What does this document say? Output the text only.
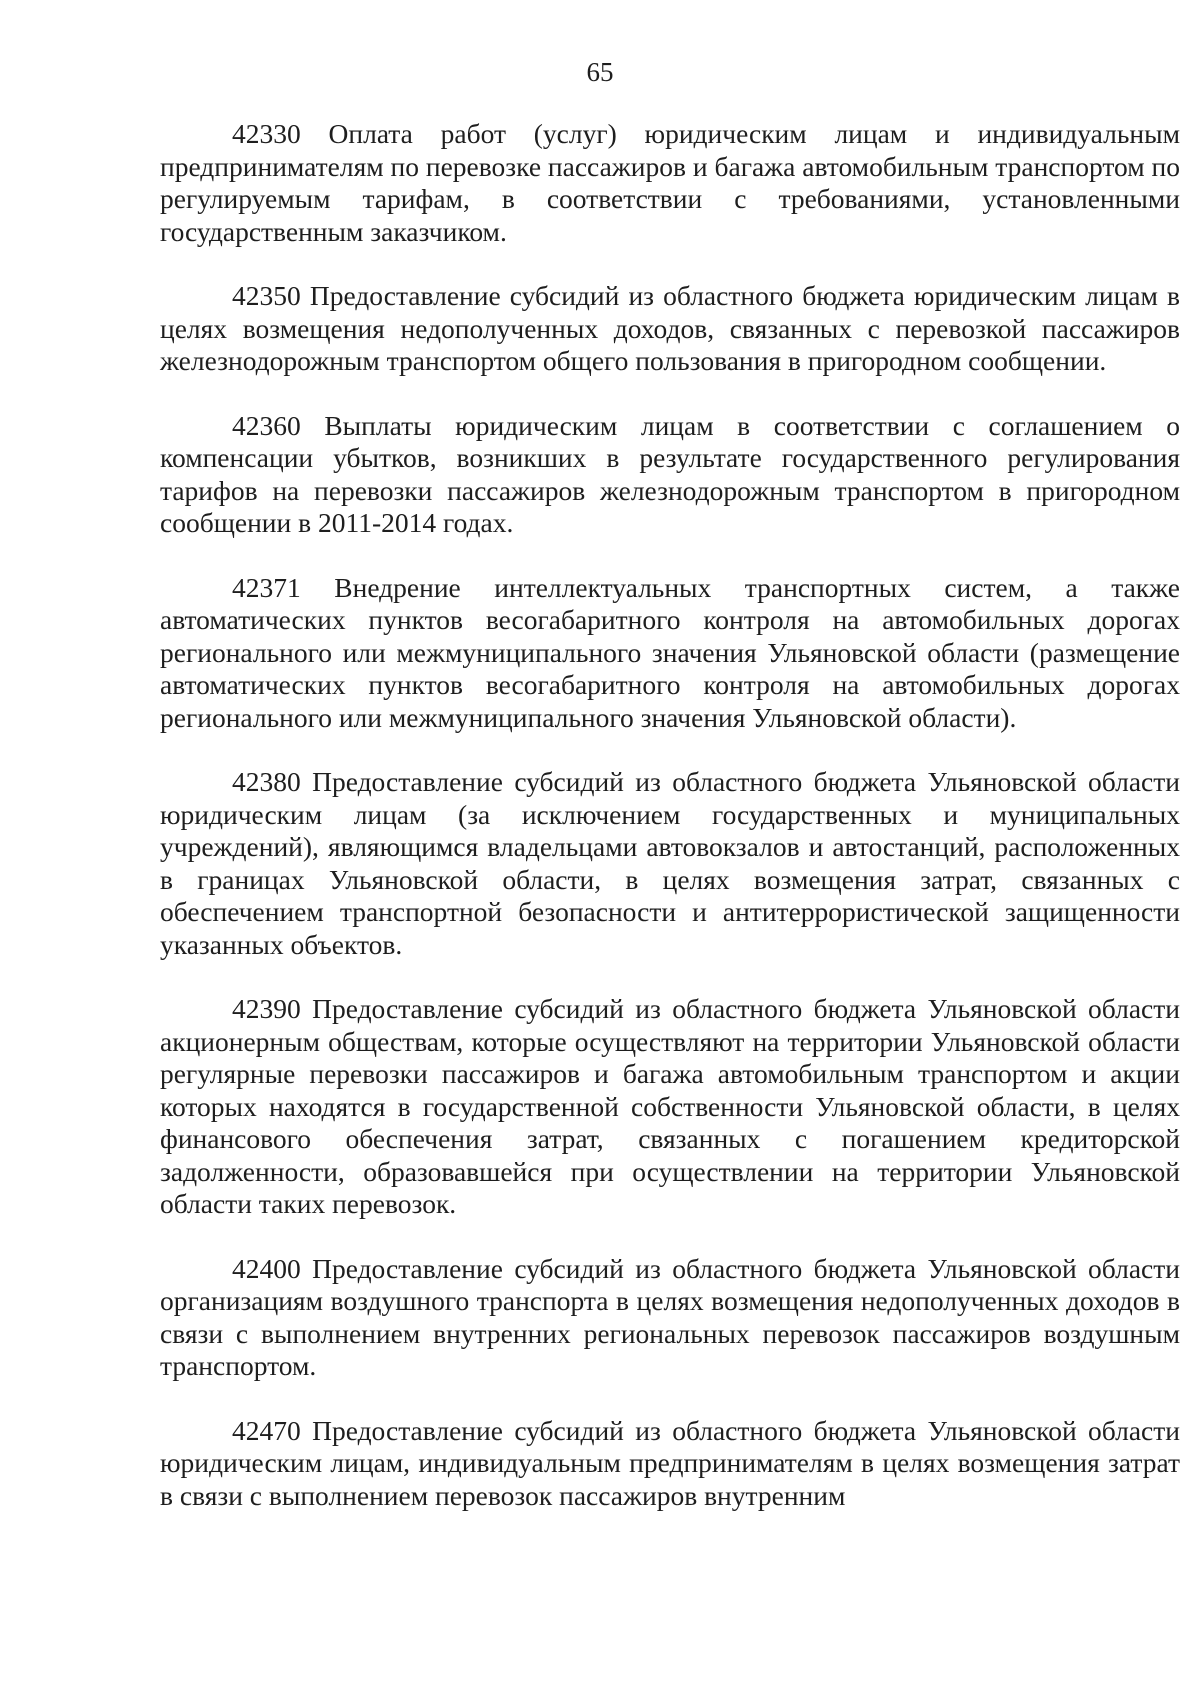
65

42330 Оплата работ (услуг) юридическим лицам и индивидуальным предпринимателям по перевозке пассажиров и багажа автомобильным транспортом по регулируемым тарифам, в соответствии с требованиями, установленными государственным заказчиком.

42350 Предоставление субсидий из областного бюджета юридическим лицам в целях возмещения недополученных доходов, связанных с перевозкой пассажиров железнодорожным транспортом общего пользования в пригородном сообщении.

42360 Выплаты юридическим лицам в соответствии с соглашением о компенсации убытков, возникших в результате государственного регулирования тарифов на перевозки пассажиров железнодорожным транспортом в пригородном сообщении в 2011-2014 годах.

42371 Внедрение интеллектуальных транспортных систем, а также автоматических пунктов весогабаритного контроля на автомобильных дорогах регионального или межмуниципального значения Ульяновской области (размещение автоматических пунктов весогабаритного контроля на автомобильных дорогах регионального или межмуниципального значения Ульяновской области).

42380 Предоставление субсидий из областного бюджета Ульяновской области юридическим лицам (за исключением государственных и муниципальных учреждений), являющимся владельцами автовокзалов и автостанций, расположенных в границах Ульяновской области, в целях возмещения затрат, связанных с обеспечением транспортной безопасности и антитеррористической защищенности указанных объектов.

42390 Предоставление субсидий из областного бюджета Ульяновской области акционерным обществам, которые осуществляют на территории Ульяновской области регулярные перевозки пассажиров и багажа автомобильным транспортом и акции которых находятся в государственной собственности Ульяновской области, в целях финансового обеспечения затрат, связанных с погашением кредиторской задолженности, образовавшейся при осуществлении на территории Ульяновской области таких перевозок.

42400 Предоставление субсидий из областного бюджета Ульяновской области организациям воздушного транспорта в целях возмещения недополученных доходов в связи с выполнением внутренних региональных перевозок пассажиров воздушным транспортом.

42470 Предоставление субсидий из областного бюджета Ульяновской области юридическим лицам, индивидуальным предпринимателям в целях возмещения затрат в связи с выполнением перевозок пассажиров внутренним
